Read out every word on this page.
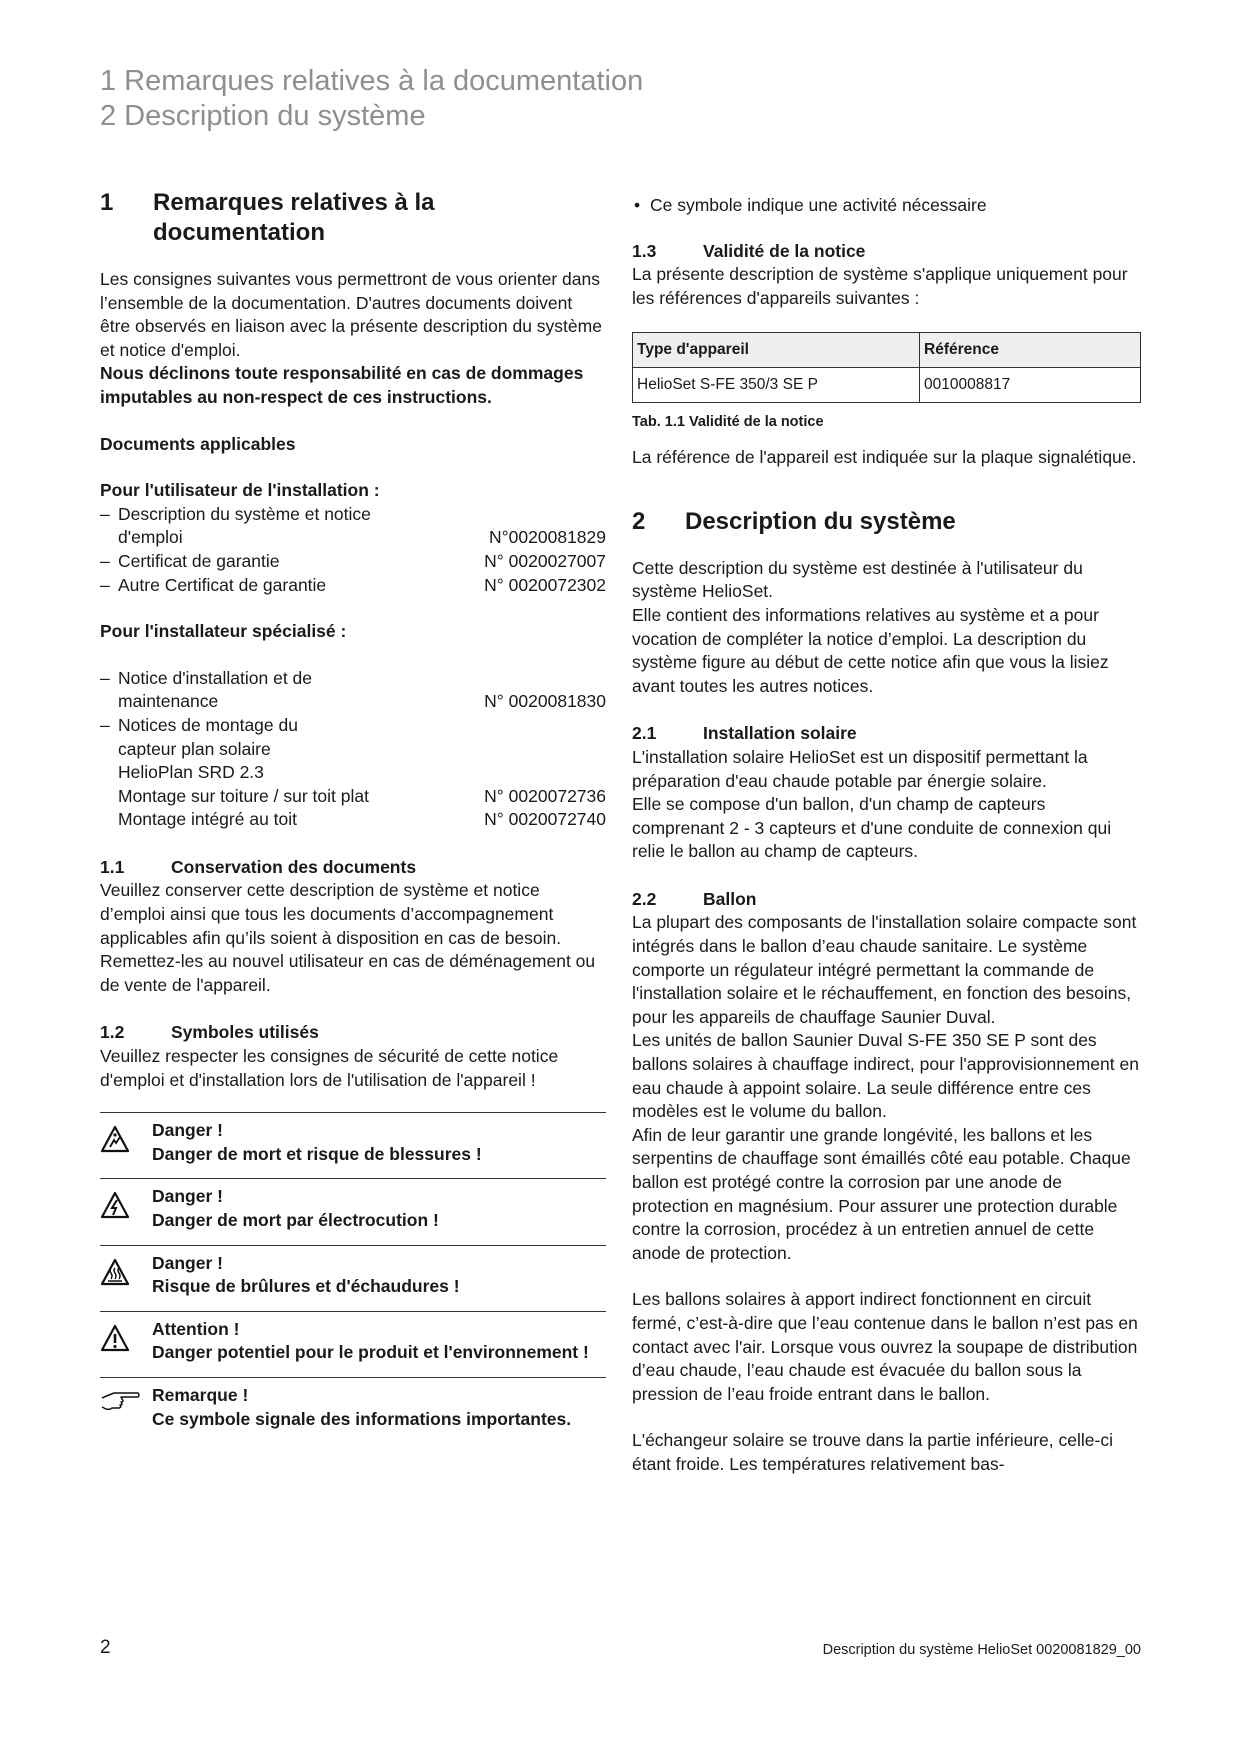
1 Remarques relatives à la documentation
2 Description du système
1	Remarques relatives à la documentation

Les consignes suivantes vous permettront de vous orienter dans l’ensemble de la documentation. D'autres documents doivent être observés en liaison avec la présente description du système et notice d'emploi.

Nous déclinons toute responsabilité en cas de dommages imputables au non-respect de ces instructions.

Documents applicables

Pour l'utilisateur de l'installation :

– Description du système et notice d'emploi	N°0020081829
– Certificat de garantie	N° 0020027007
– Autre Certificat de garantie	N° 0020072302

Pour l'installateur spécialisé :

– Notice d'installation et de maintenance	N° 0020081830
– Notices de montage du capteur plan solaire HelioPlan SRD 2.3
Montage sur toiture / sur toit plat	N° 0020072736
Montage intégré au toit	N° 0020072740
1.1	Conservation des documents

Veuillez conserver cette description de système et notice d’emploi ainsi que tous les documents d’accompagnement applicables afin qu’ils soient à disposition en cas de besoin.

Remettez-les au nouvel utilisateur en cas de déménagement ou de vente de l'appareil.

1.2	Symboles utilisés

Veuillez respecter les consignes de sécurité de cette notice d'emploi et d'installation lors de l'utilisation de l'appareil !

Danger !
Danger de mort et risque de blessures !
Danger !
Danger de mort par électrocution !
Danger !
Risque de brûlures et d'échaudures !
Attention !
Danger potentiel pour le produit et l'environnement !
Remarque !
Ce symbole signale des informations importantes.
• Ce symbole indique une activité nécessaire
1.3	Validité de la notice

La présente description de système s'applique uniquement pour les références d'appareils suivantes :

Type d'appareil	Référence
HelioSet S-FE 350/3 SE P	0010008817
Tab. 1.1 Validité de la notice

La référence de l'appareil est indiquée sur la plaque signalétique.

2	Description du système

Cette description du système est destinée à l'utilisateur du système HelioSet.

Elle contient des informations relatives au système et a pour vocation de compléter la notice d’emploi. La description du système figure au début de cette notice afin que vous la lisiez avant toutes les autres notices.

2.1	Installation solaire

L'installation solaire HelioSet est un dispositif permettant la préparation d'eau chaude potable par énergie solaire.

Elle se compose d'un ballon, d'un champ de capteurs comprenant 2 - 3 capteurs et d'une conduite de connexion qui relie le ballon au champ de capteurs.

2.2	Ballon

La plupart des composants de l'installation solaire compacte sont intégrés dans le ballon d’eau chaude sanitaire. Le système comporte un régulateur intégré permettant la commande de l'installation solaire et le réchauffement, en fonction des besoins, pour les appareils de chauffage Saunier Duval.

Les unités de ballon Saunier Duval S-FE 350 SE P sont des ballons solaires à chauffage indirect, pour l'approvisionnement en eau chaude à appoint solaire. La seule différence entre ces modèles est le volume du ballon.

Afin de leur garantir une grande longévité, les ballons et les serpentins de chauffage sont émaillés côté eau potable. Chaque ballon est protégé contre la corrosion par une anode de protection en magnésium. Pour assurer une protection durable contre la corrosion, procédez à un entretien annuel de cette anode de protection.

Les ballons solaires à apport indirect fonctionnent en circuit fermé, c’est-à-dire que l’eau contenue dans le ballon n’est pas en contact avec l'air. Lorsque vous ouvrez la soupape de distribution d’eau chaude, l’eau chaude est évacuée du ballon sous la pression de l’eau froide entrant dans le ballon.

L'échangeur solaire se trouve dans la partie inférieure, celle-ci étant froide. Les températures relativement bas-

2	Description du système HelioSet 0020081829_00
